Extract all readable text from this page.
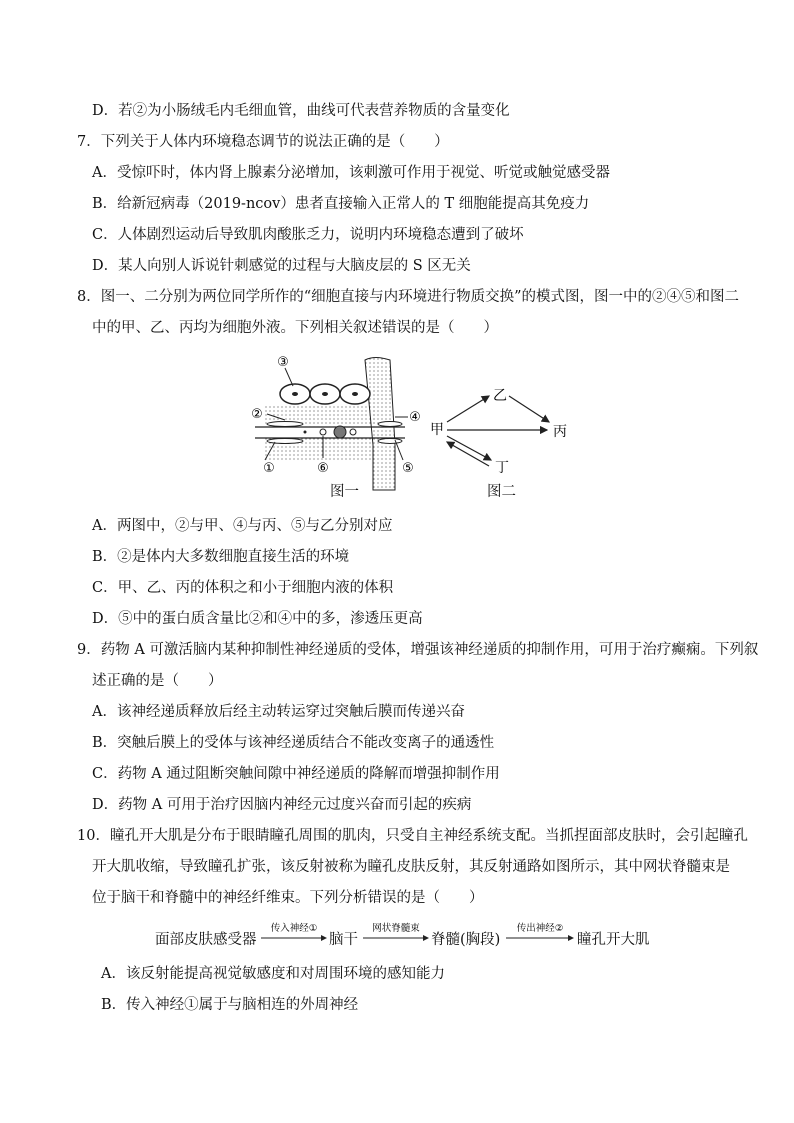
D．若②为小肠绒毛内毛细血管，曲线可代表营养物质的含量变化
7．下列关于人体内环境稳态调节的说法正确的是（　　）
A．受惊吓时，体内肾上腺素分泌增加，该刺激可作用于视觉、听觉或触觉感受器
B．给新冠病毒（2019-ncov）患者直接输入正常人的 T 细胞能提高其免疫力
C．人体剧烈运动后导致肌肉酸胀乏力，说明内环境稳态遭到了破坏
D．某人向别人诉说针刺感觉的过程与大脑皮层的 S 区无关
8．图一、二分别为两位同学所作的“细胞直接与内环境进行物质交换”的模式图，图一中的②④⑤和图二
中的甲、乙、丙均为细胞外液。下列相关叙述错误的是（　　）
③
②	④
①	⑥	⑤
图一
甲
乙
丙
丁
图二
A．两图中，②与甲、④与丙、⑤与乙分别对应
B．②是体内大多数细胞直接生活的环境
C．甲、乙、丙的体积之和小于细胞内液的体积
D．⑤中的蛋白质含量比②和④中的多，渗透压更高
9．药物 A 可激活脑内某种抑制性神经递质的受体，增强该神经递质的抑制作用，可用于治疗癫痫。下列叙
述正确的是（　　）
A．该神经递质释放后经主动转运穿过突触后膜而传递兴奋
B．突触后膜上的受体与该神经递质结合不能改变离子的通透性
C．药物 A 通过阻断突触间隙中神经递质的降解而增强抑制作用
D．药物 A 可用于治疗因脑内神经元过度兴奋而引起的疾病
10．瞳孔开大肌是分布于眼睛瞳孔周围的肌肉，只受自主神经系统支配。当抓捏面部皮肤时，会引起瞳孔
开大肌收缩，导致瞳孔扩张，该反射被称为瞳孔皮肤反射，其反射通路如图所示，其中网状脊髓束是
位于脑干和脊髓中的神经纤维束。下列分析错误的是（　　）
面部皮肤感受器
传入神经①
脑干
网状脊髓束
脊髓(胸段)
传出神经②
瞳孔开大肌
A．该反射能提高视觉敏感度和对周围环境的感知能力
B．传入神经①属于与脑相连的外周神经
